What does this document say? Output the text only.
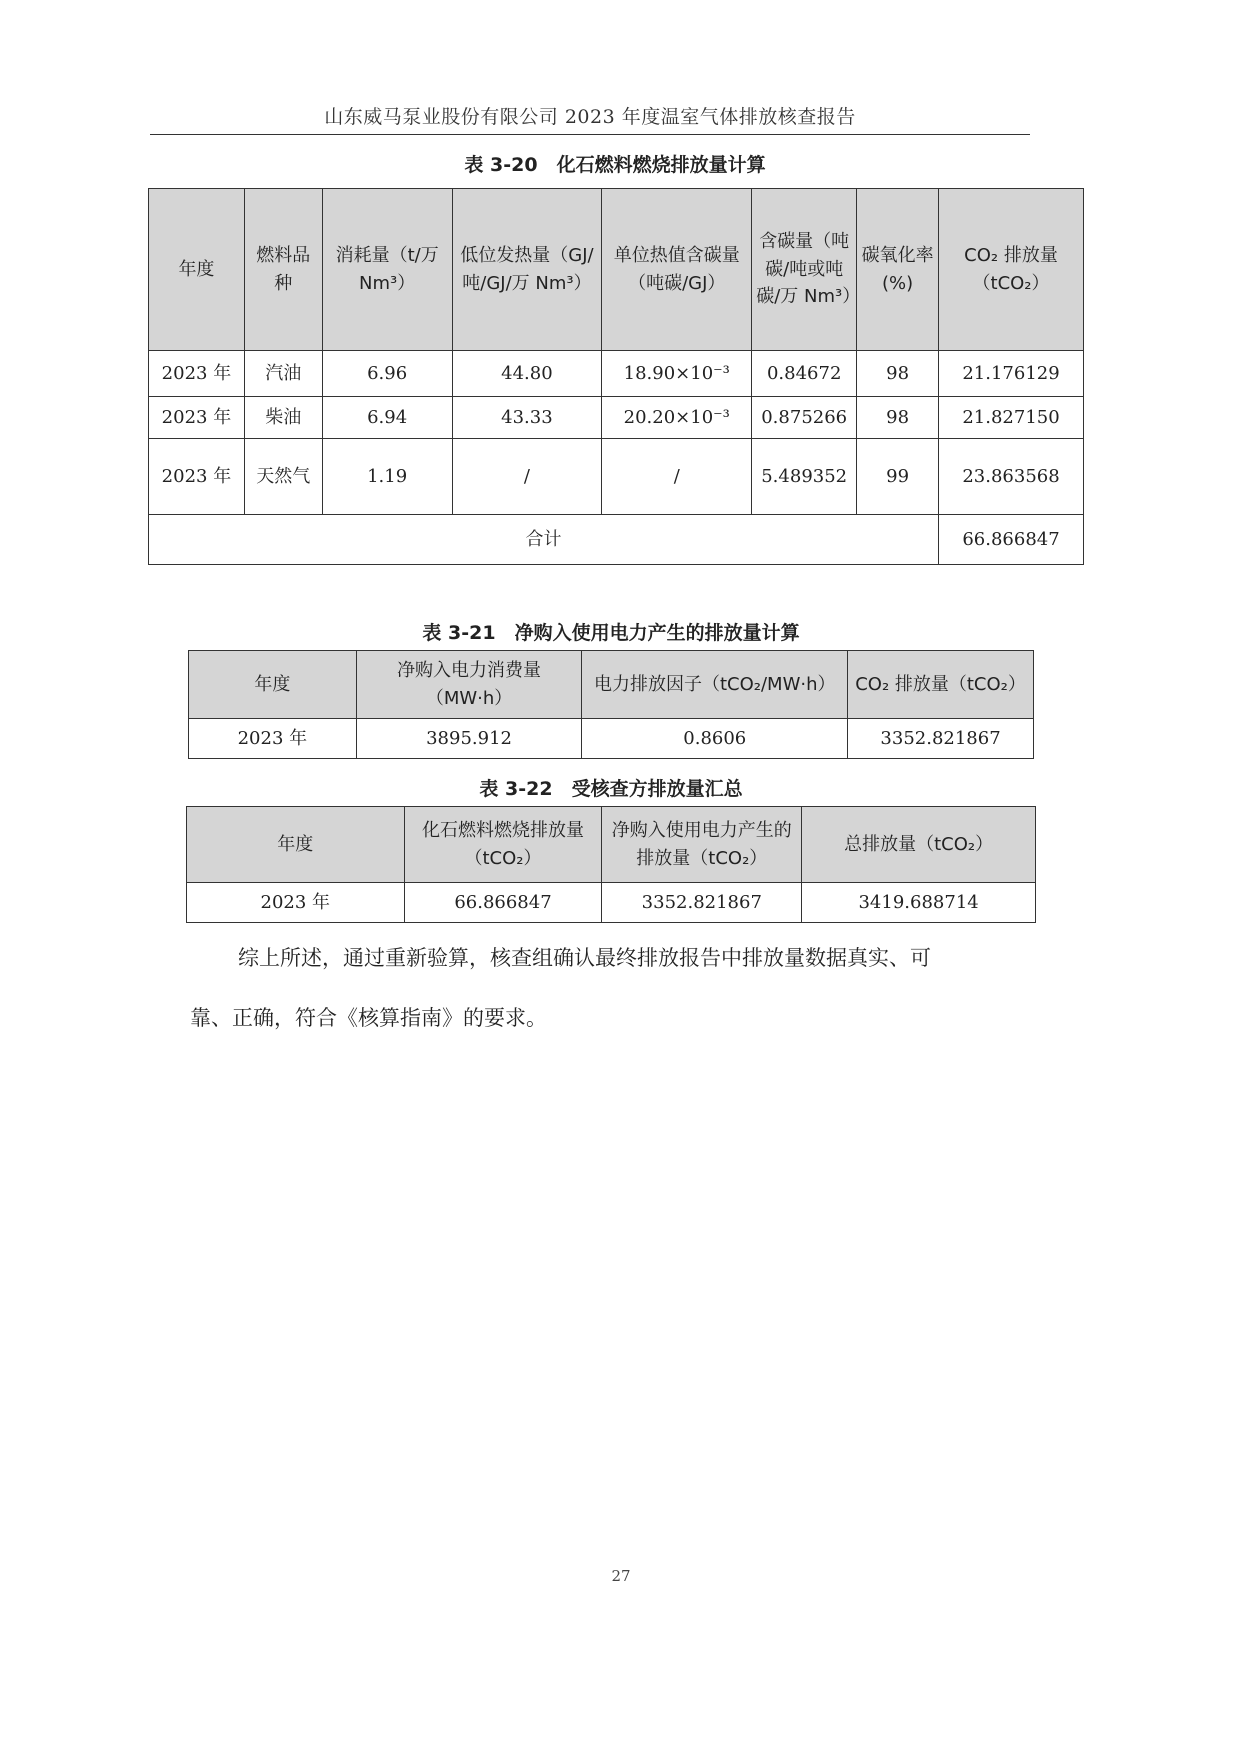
山东威马泵业股份有限公司 2023 年度温室气体排放核查报告
表 3-20　化石燃料燃烧排放量计算
年度	燃料品种	消耗量（t/万 Nm³）	低位发热量（GJ/吨/GJ/万 Nm³）	单位热值含碳量（吨碳/GJ）	含碳量（吨碳/吨或吨碳/万 Nm³）	碳氧化率(%)	CO₂ 排放量（tCO₂）
2023 年	汽油	6.96	44.80	18.90×10⁻³	0.84672	98	21.176129
2023 年	柴油	6.94	43.33	20.20×10⁻³	0.875266	98	21.827150
2023 年	天然气	1.19	/	/	5.489352	99	23.863568
合计							66.866847
表 3-21　净购入使用电力产生的排放量计算
年度	净购入电力消费量（MW·h）	电力排放因子（tCO₂/MW·h）	CO₂ 排放量（tCO₂）
2023 年	3895.912	0.8606	3352.821867
表 3-22　受核查方排放量汇总
年度	化石燃料燃烧排放量（tCO₂）	净购入使用电力产生的排放量（tCO₂）	总排放量（tCO₂）
2023 年	66.866847	3352.821867	3419.688714
综上所述，通过重新验算，核查组确认最终排放报告中排放量数据真实、可
靠、正确，符合《核算指南》的要求。
27
